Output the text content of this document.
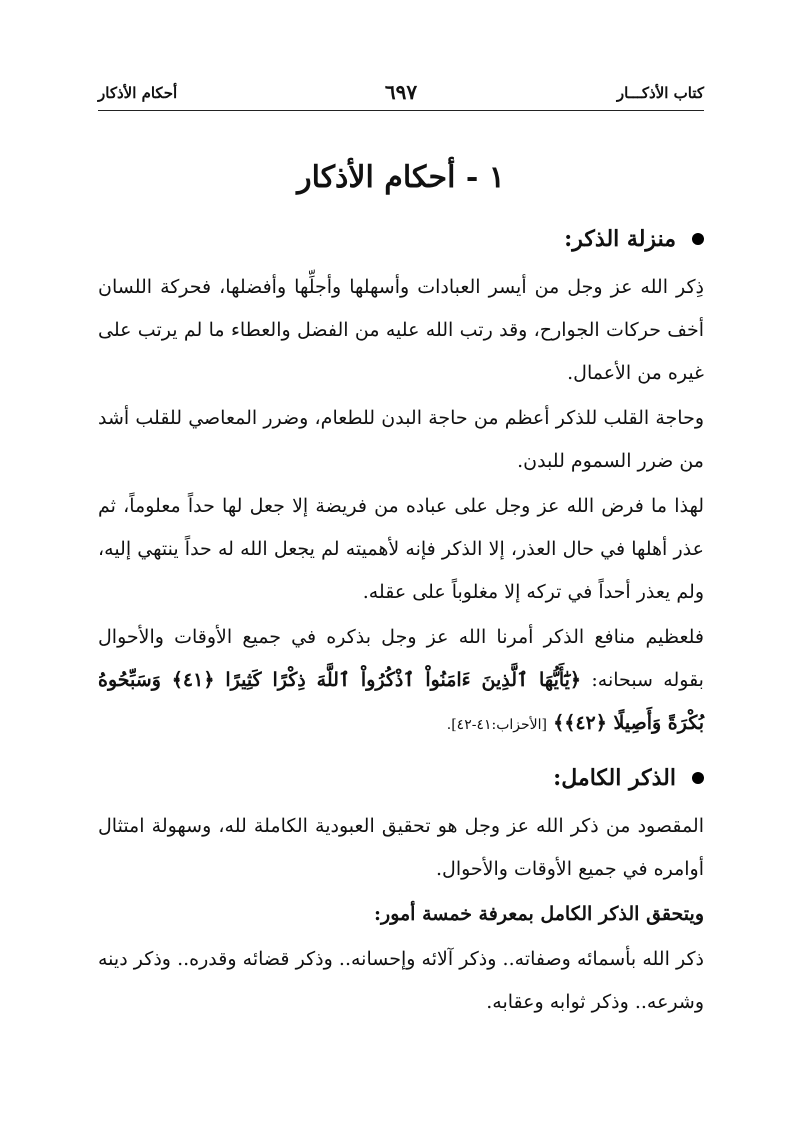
كتاب الأذكـــار
٦٩٧
أحكام الأذكار
١ - أحكام الأذكار
منزلة الذكر:

ذِكر الله عز وجل من أيسر العبادات وأسهلها وأجلِّها وأفضلها، فحركة اللسان أخف حركات الجوارح، وقد رتب الله عليه من الفضل والعطاء ما لم يرتب على غيره من الأعمال.

وحاجة القلب للذكر أعظم من حاجة البدن للطعام، وضرر المعاصي للقلب أشد من ضرر السموم للبدن.

لهذا ما فرض الله عز وجل على عباده من فريضة إلا جعل لها حداً معلوماً، ثم عذر أهلها في حال العذر، إلا الذكر فإنه لأهميته لم يجعل الله له حداً ينتهي إليه، ولم يعذر أحداً في تركه إلا مغلوباً على عقله.

فلعظيم منافع الذكر أمرنا الله عز وجل بذكره في جميع الأوقات والأحوال بقوله سبحانه: ﴿يَٰٓأَيُّهَا ٱلَّذِينَ ءَامَنُواْ ٱذْكُرُواْ ٱللَّهَ ذِكْرًا كَثِيرًا ﴿٤١﴾ وَسَبِّحُوهُ بُكْرَةً وَأَصِيلًا ﴿٤٢﴾﴾ [الأحزاب:٤١-٤٢].

الذكر الكامل:

المقصود من ذكر الله عز وجل هو تحقيق العبودية الكاملة لله، وسهولة امتثال أوامره في جميع الأوقات والأحوال.

ويتحقق الذكر الكامل بمعرفة خمسة أمور:

ذكر الله بأسمائه وصفاته.. وذكر آلائه وإحسانه.. وذكر قضائه وقدره.. وذكر دينه وشرعه.. وذكر ثوابه وعقابه.
